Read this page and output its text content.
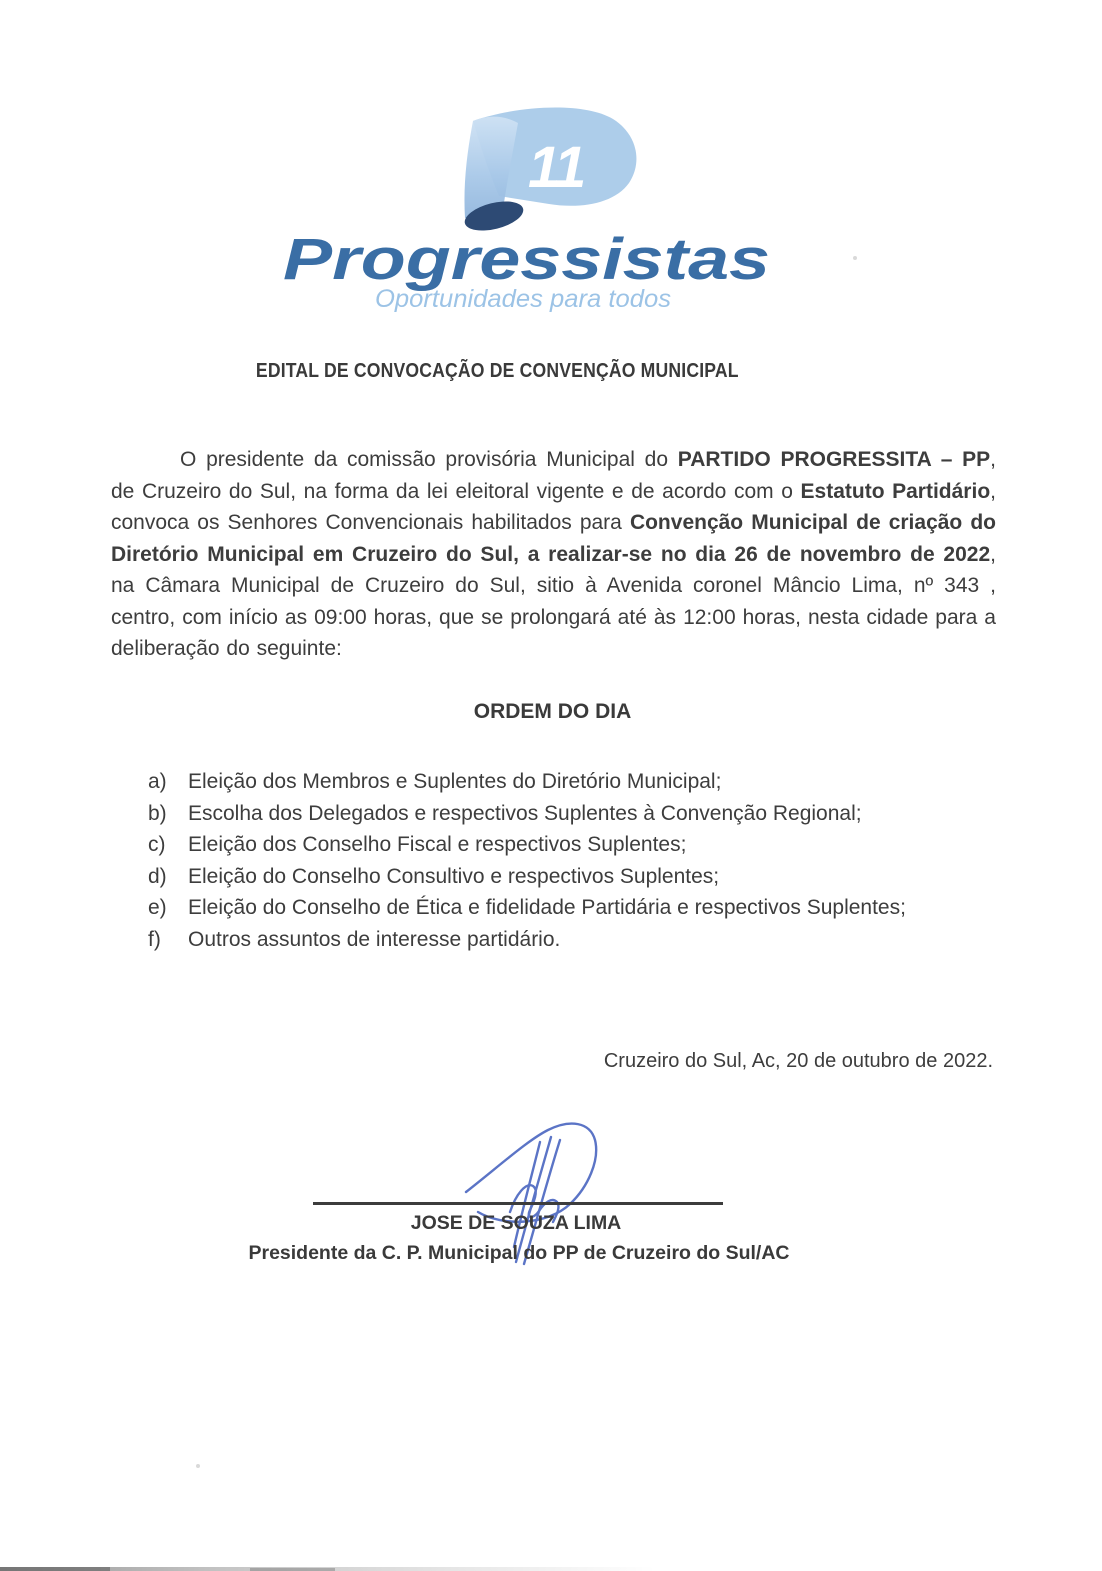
11
Progressistas
Oportunidades para todos
EDITAL DE CONVOCAÇÃO DE CONVENÇÃO MUNICIPAL

O presidente da comissão provisória Municipal do PARTIDO PROGRESSITA – PP, de Cruzeiro do Sul, na forma da lei eleitoral vigente e de acordo com o Estatuto Partidário, convoca os Senhores Convencionais habilitados para Convenção Municipal de criação do Diretório Municipal em Cruzeiro do Sul, a realizar-se no dia 26 de novembro de 2022, na Câmara Municipal de Cruzeiro do Sul, sitio à Avenida coronel Mâncio Lima, nº 343 , centro, com início as 09:00 horas, que se prolongará até às 12:00 horas, nesta cidade para a deliberação do seguinte:

ORDEM DO DIA
a)	Eleição dos Membros e Suplentes do Diretório Municipal;
b)	Escolha dos Delegados e respectivos Suplentes à Convenção Regional;
c)	Eleição dos Conselho Fiscal e respectivos Suplentes;
d)	Eleição do Conselho Consultivo e respectivos Suplentes;
e)	Eleição do Conselho de Ética e fidelidade Partidária e respectivos Suplentes;
f)	Outros assuntos de interesse partidário.
Cruzeiro do Sul, Ac, 20 de outubro de 2022.
JOSE DE SOUZA LIMA
Presidente da C. P. Municipal do PP de Cruzeiro do Sul/AC
